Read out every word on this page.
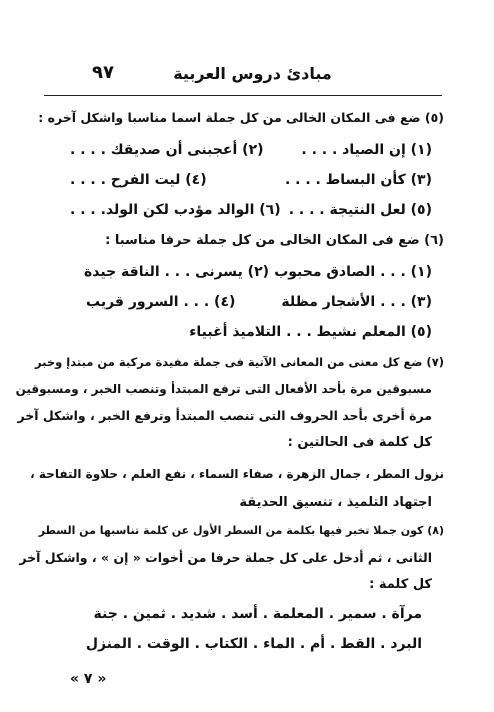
مبادئ دروس العربية
٩٧
(٥) ضع فى المكان الخالى من كل جملة اسما مناسبا واشكل آخره :
(١) إن الصياد . . . .
(٢) أعجبنى أن صديقك . . . .
(٣) كأن البساط . . . .
(٤) ليت الفرح . . . .
(٥) لعل النتيجة . . . .
(٦) الوالد مؤدب لكن الولد. . . .
(٦) ضع فى المكان الخالى من كل جملة حرفا مناسبا :
(١) . . . الصادق محبوب
(٢) يسرنى . . . الناقة جيدة
(٣) . . . الأشجار مظلة
(٤) . . . السرور قريب
(٥) المعلم نشيط . . . التلاميذ أغبياء
(٧) ضع كل معنى من المعانى الآتية فى جملة مفيدة مركبة من مبتدإ وخبر
مسبوقين مرة بأحد الأفعال التى ترفع المبتدأ وتنصب الخبر ، ومسبوقين
مرة أخرى بأحد الحروف التى تنصب المبتدأ وترفع الخبر ، واشكل آخر
كل كلمة فى الحالتين :
نزول المطر ، جمال الزهرة ، صفاء السماء ، نفع العلم ، حلاوة التفاحة ،
اجتهاد التلميذ ، تنسيق الحديقة
(٨) كون جملا تخبر فيها بكلمة من السطر الأول عن كلمة تناسبها من السطر
الثانى ، ثم أدخل على كل جملة حرفا من أخوات « إن » ، واشكل آخر
كل كلمة :
مرآة . سمير . المعلمة . أسد . شديد . ثمين . جنة
البرد . القط . أم . الماء . الكتاب . الوقت . المنزل
« ٧ »
